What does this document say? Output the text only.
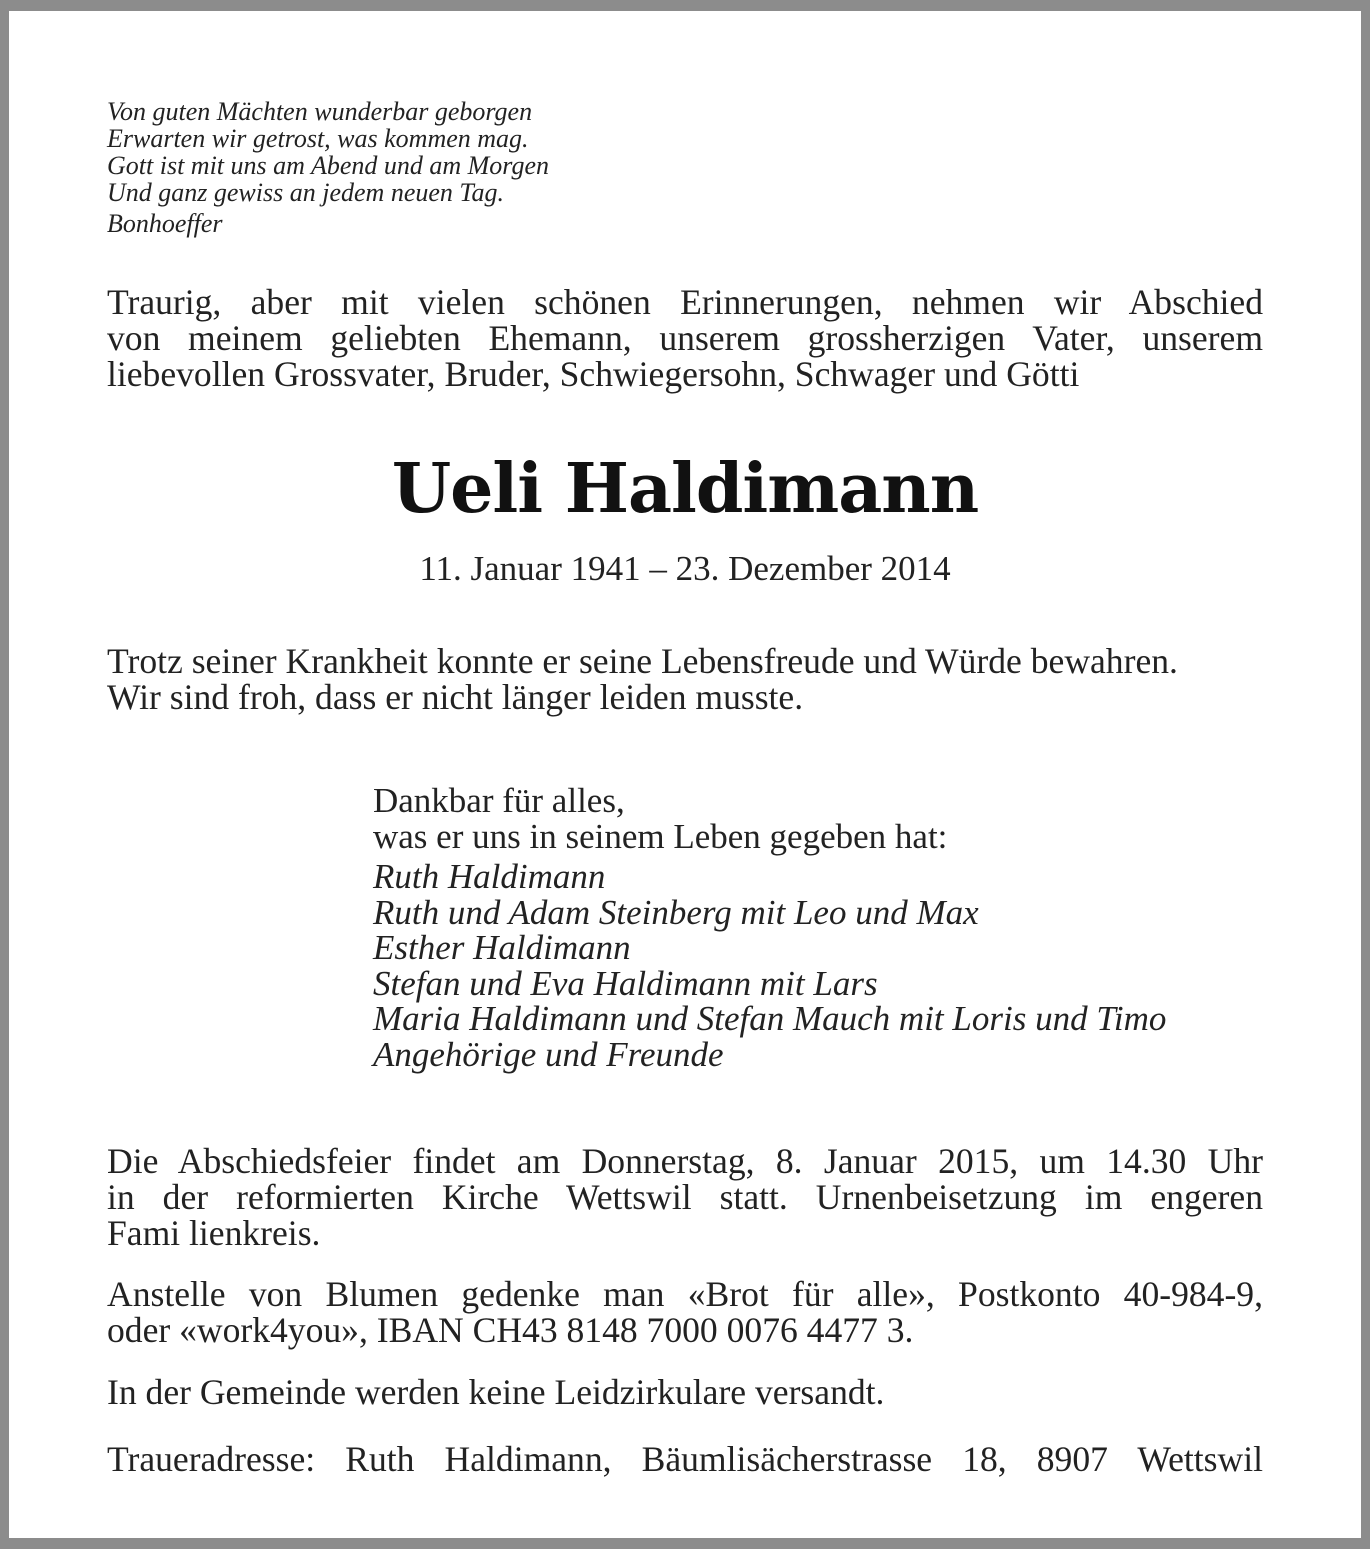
Von guten Mächten wunderbar geborgen
Erwarten wir getrost, was kommen mag.
Gott ist mit uns am Abend und am Morgen
Und ganz gewiss an jedem neuen Tag.
Bonhoeffer
Traurig, aber mit vielen schönen Erinnerungen, nehmen wir Abschied
von meinem geliebten Ehemann, unserem grossherzigen Vater, unserem
liebevollen Grossvater, Bruder, Schwiegersohn, Schwager und Götti
Ueli Haldimann
11. Januar 1941 – 23. Dezember 2014
Trotz seiner Krankheit konnte er seine Lebensfreude und Würde bewahren.
Wir sind froh, dass er nicht länger leiden musste.
Dankbar für alles,
was er uns in seinem Leben gegeben hat:
Ruth Haldimann
Ruth und Adam Steinberg mit Leo und Max
Esther Haldimann
Stefan und Eva Haldimann mit Lars
Maria Haldimann und Stefan Mauch mit Loris und Timo
Angehörige und Freunde
Die Abschiedsfeier findet am Donnerstag, 8. Januar 2015, um 14.30 Uhr
in der reformierten Kirche Wettswil statt. Urnenbeisetzung im engeren
Fami lienkreis.
Anstelle von Blumen gedenke man «Brot für alle», Postkonto 40-984-9,
oder «work4you», IBAN CH43 8148 7000 0076 4477 3.
In der Gemeinde werden keine Leidzirkulare versandt.
Traueradresse: Ruth Haldimann, Bäumlisächerstrasse 18, 8907 Wettswil
